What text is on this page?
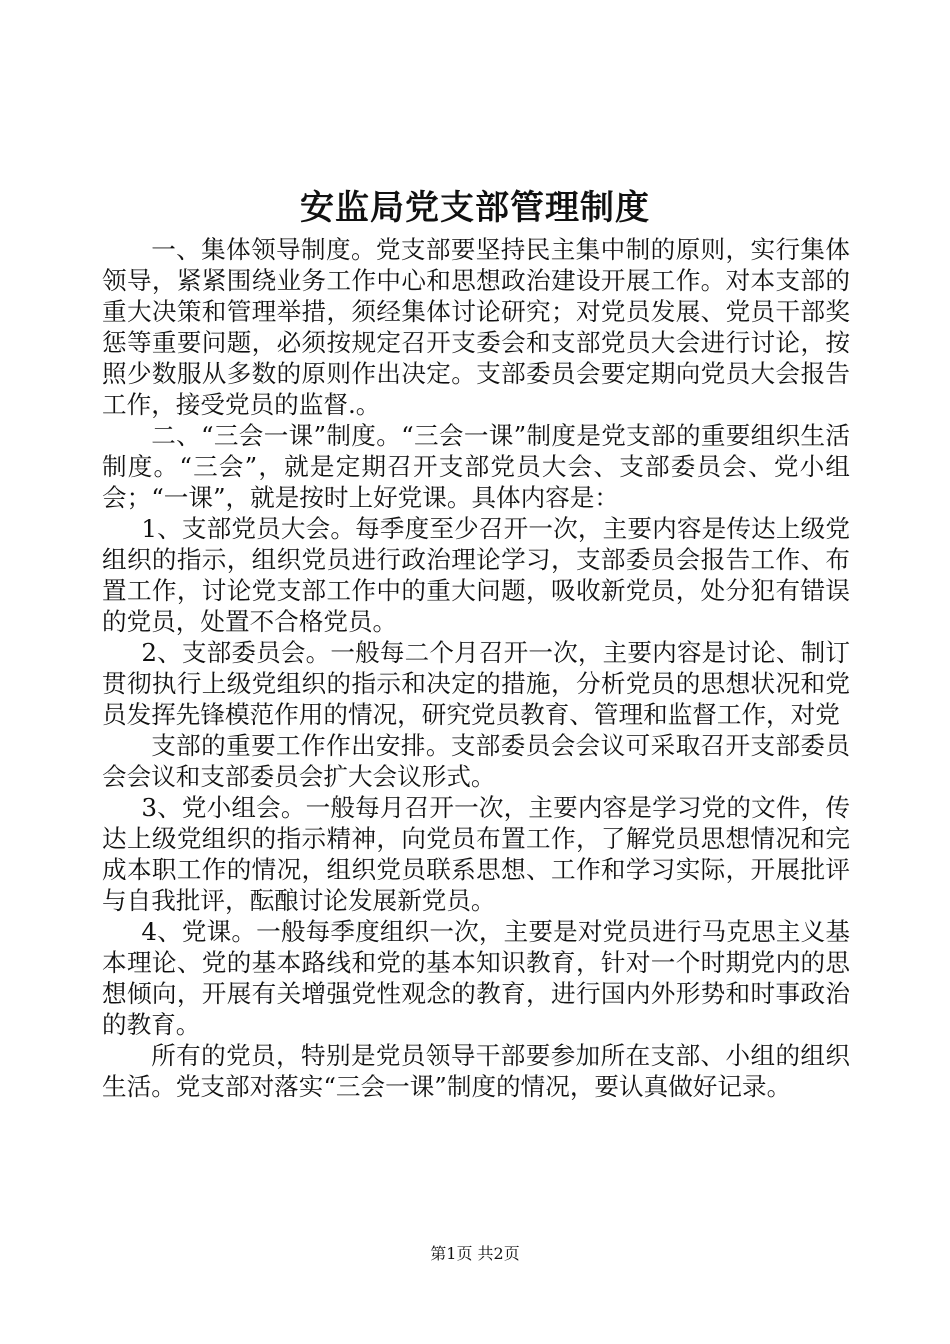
安监局党支部管理制度

一、集体领导制度。党支部要坚持民主集中制的原则，实行集体领导，紧紧围绕业务工作中心和思想政治建设开展工作。对本支部的重大决策和管理举措，须经集体讨论研究；对党员发展、党员干部奖惩等重要问题，必须按规定召开支委会和支部党员大会进行讨论，按照少数服从多数的原则作出决定。支部委员会要定期向党员大会报告工作，接受党员的监督.。

二、“三会一课”制度。“三会一课”制度是党支部的重要组织生活制度。“三会”，就是定期召开支部党员大会、支部委员会、党小组会；“一课”，就是按时上好党课。具体内容是：

1、支部党员大会。每季度至少召开一次，主要内容是传达上级党组织的指示，组织党员进行政治理论学习，支部委员会报告工作、布置工作，讨论党支部工作中的重大问题，吸收新党员，处分犯有错误的党员，处置不合格党员。

2、支部委员会。一般每二个月召开一次，主要内容是讨论、制订贯彻执行上级党组织的指示和决定的措施，分析党员的思想状况和党员发挥先锋模范作用的情况，研究党员教育、管理和监督工作，对党

支部的重要工作作出安排。支部委员会会议可采取召开支部委员会会议和支部委员会扩大会议形式。

3、党小组会。一般每月召开一次，主要内容是学习党的文件，传达上级党组织的指示精神，向党员布置工作，了解党员思想情况和完成本职工作的情况，组织党员联系思想、工作和学习实际，开展批评与自我批评，酝酿讨论发展新党员。

4、党课。一般每季度组织一次，主要是对党员进行马克思主义基本理论、党的基本路线和党的基本知识教育，针对一个时期党内的思想倾向，开展有关增强党性观念的教育，进行国内外形势和时事政治的教育。

所有的党员，特别是党员领导干部要参加所在支部、小组的组织生活。党支部对落实“三会一课”制度的情况，要认真做好记录。

第1页 共2页
